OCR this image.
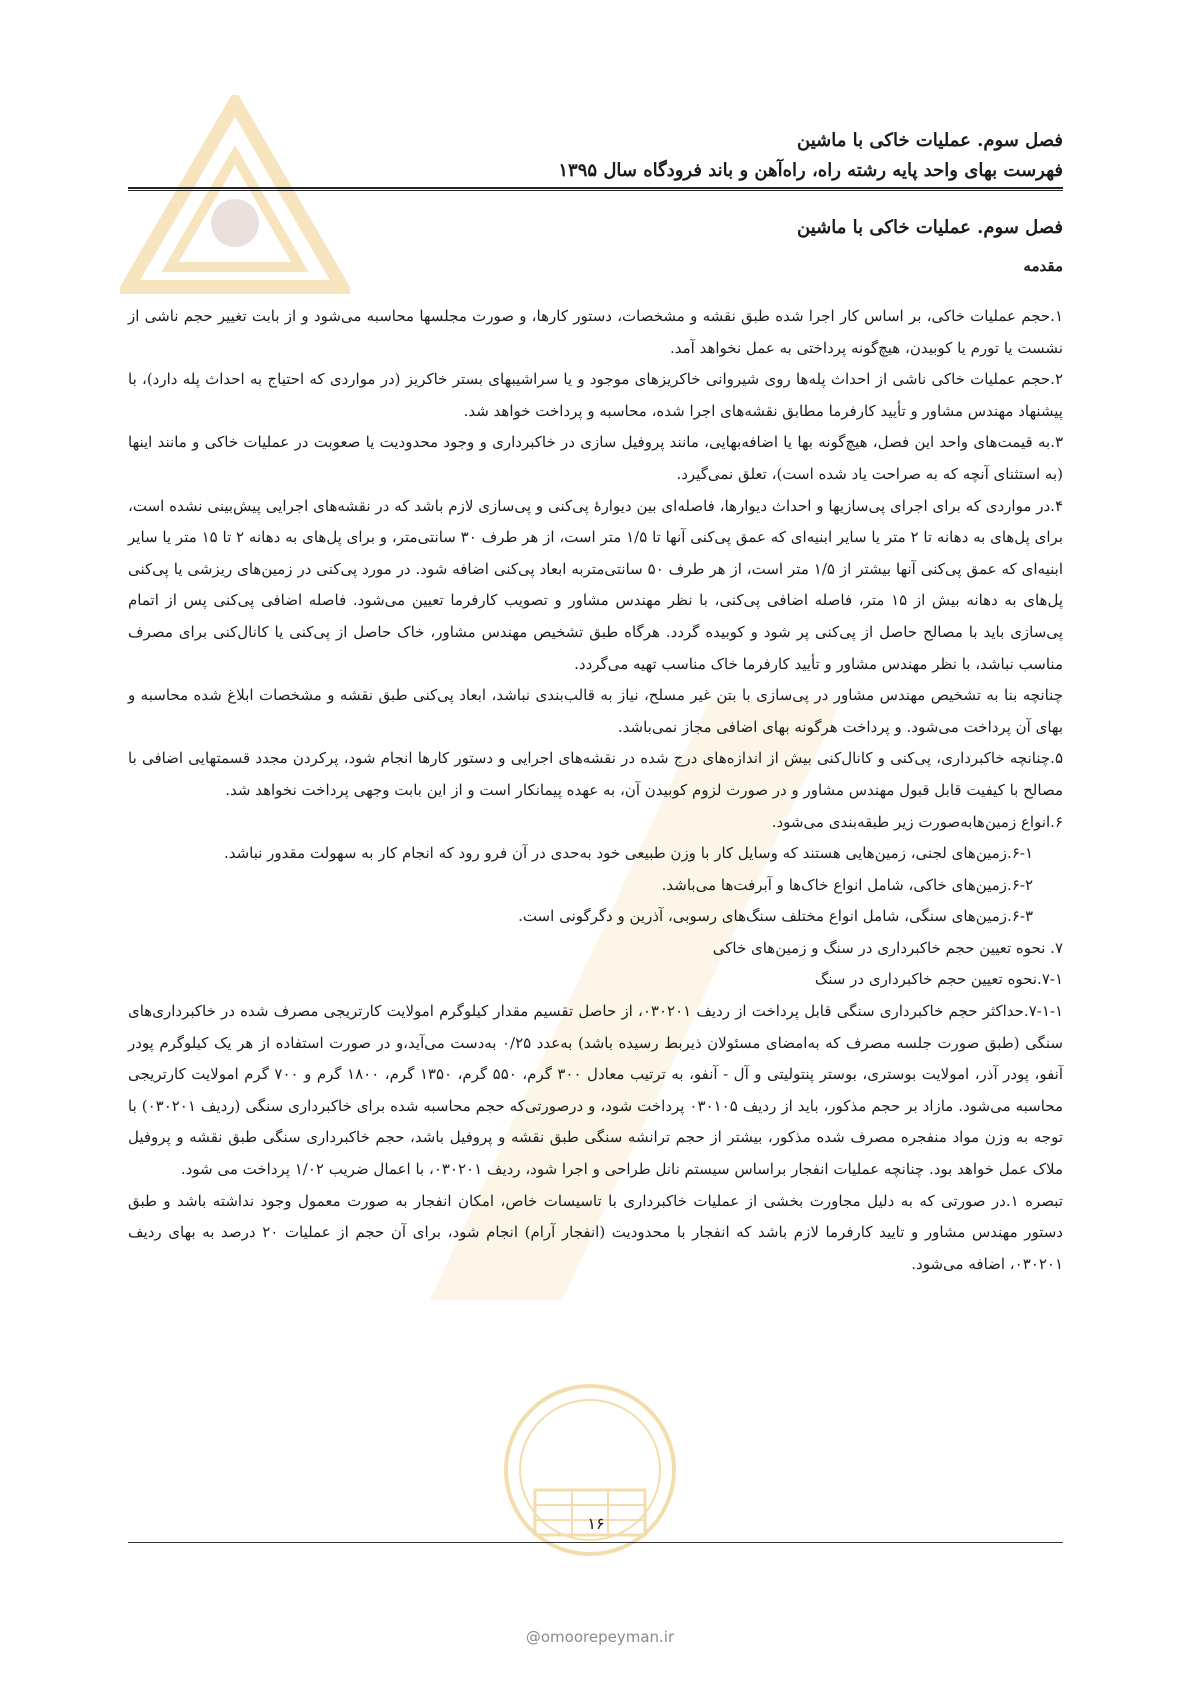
فصل سوم. عملیات خاکی با ماشین
فهرست بهای واحد پایه رشته راه، راه‌آهن و باند فرودگاه سال ۱۳۹۵
فصل سوم. عملیات خاکی با ماشین
مقدمه

۱.حجم عملیات خاکی، بر اساس کار اجرا شده طبق نقشه و مشخصات، دستور کارها، و صورت مجلسها محاسبه می‌شود و از بابت تغییر حجم ناشی از نشست یا تورم یا کوبیدن، هیچ‌گونه پرداختی به عمل نخواهد آمد.

۲.حجم عملیات خاکی ناشی از احداث پله‌ها روی شیروانی خاکریزهای موجود و یا سراشیبهای بستر خاکریز (در مواردی که احتیاج به احداث پله دارد)، با پیشنهاد مهندس مشاور و تأیید کارفرما مطابق نقشه‌های اجرا شده، محاسبه و پرداخت خواهد شد.

۳.به قیمت‌های واحد این فصل، هیچ‌گونه بها یا اضافه‌بهایی، مانند پروفیل سازی در خاکبرداری و وجود محدودیت یا صعوبت در عملیات خاکی و مانند اینها (به استثنای آنچه که به صراحت یاد شده است)، تعلق نمی‌گیرد.

۴.در مواردی که برای اجرای پی‌سازیها و احداث دیوارها، فاصله‌ای بین دیوارهٔ پی‌کنی و پی‌سازی لازم باشد که در نقشه‌های اجرایی پیش‌بینی نشده است، برای پل‌های به دهانه تا ۲ متر یا سایر ابنیه‌ای که عمق پی‌کنی آنها تا ۱/۵ متر است، از هر طرف ۳۰ سانتی‌متر، و برای پل‌های به دهانه ۲ تا ۱۵ متر یا سایر ابنیه‌ای که عمق پی‌کنی آنها بیشتر از ۱/۵ متر است، از هر طرف ۵۰ سانتی‌متربه ابعاد پی‌کنی اضافه شود. در مورد پی‌کنی در زمین‌های ریزشی یا پی‌کنی پل‌های به دهانه بیش از ۱۵ متر، فاصله اضافی پی‌کنی، با نظر مهندس مشاور و تصویب کارفرما تعیین می‌شود. فاصله اضافی پی‌کنی پس از اتمام پی‌سازی باید با مصالح حاصل از پی‌کنی پر شود و کوبیده گردد. هرگاه طبق تشخیص مهندس مشاور، خاک حاصل از پی‌کنی یا کانال‌کنی برای مصرف مناسب نباشد، با نظر مهندس مشاور و تأیید کارفرما خاک مناسب تهیه می‌گردد.

چنانچه بنا به تشخیص مهندس مشاور در پی‌سازی با بتن غیر مسلح، نیاز به قالب‌بندی نباشد، ابعاد پی‌کنی طبق نقشه و مشخصات ابلاغ شده محاسبه و بهای آن پرداخت می‌شود. و پرداخت هرگونه بهای اضافی مجاز نمی‌باشد.

۵.چنانچه خاکبرداری، پی‌کنی و کانال‌کنی بیش از اندازه‌های درج شده در نقشه‌های اجرایی و دستور کارها انجام شود، پرکردن مجدد قسمتهایی اضافی با مصالح با کیفیت قابل قبول مهندس مشاور و در صورت لزوم کوبیدن آن، به عهده پیمانکار است و از این بابت وجهی پرداخت نخواهد شد.

۶.انواع زمین‌هابه‌صورت زیر طبقه‌بندی می‌شود.

۶-۱.زمین‌های لجنی، زمین‌هایی هستند که وسایل کار با وزن طبیعی خود به‌حدی در آن فرو رود که انجام کار به سهولت مقدور نباشد.

۶-۲.زمین‌های خاکی، شامل انواع خاک‌ها و آبرفت‌ها می‌باشد.

۶-۳.زمین‌های سنگی، شامل انواع مختلف سنگ‌های رسوبی، آذرین و دگرگونی است.

۷. نحوه تعیین حجم خاکبرداری در سنگ و زمین‌های خاکی

۷-۱.نحوه تعیین حجم خاکبرداری در سنگ

۷-۱-۱.حداکثر حجم خاکبرداری سنگی قابل پرداخت از ردیف ۰۳۰۲۰۱، از حاصل تقسیم مقدار کیلوگرم امولایت کارتریجی مصرف شده در خاکبرداری‌های سنگی (طبق صورت جلسه مصرف که به‌امضای مسئولان ذیربط رسیده باشد) بەعدد ۰/۲۵ به‌دست می‌آید،و در صورت استفاده از هر یک کیلوگرم پودر آنفو، پودر آذر، امولایت بوستری، بوستر پنتولیتی و آل - آنفو، به ترتیب معادل ۳۰۰ گرم، ۵۵۰ گرم، ۱۳۵۰ گرم، ۱۸۰۰ گرم و ۷۰۰ گرم امولایت کارتریجی محاسبه می‌شود. مازاد بر حجم مذکور، باید از ردیف ۰۳۰۱۰۵ پرداخت شود، و درصورتی‌که حجم محاسبه شده برای خاکبرداری سنگی (ردیف ۰۳۰۲۰۱) با توجه به وزن مواد منفجره مصرف شده مذکور، بیشتر از حجم ترانشه سنگی طبق نقشه و پروفیل باشد، حجم خاکبرداری سنگی طبق نقشه و پروفیل ملاک عمل خواهد بود. چنانچه عملیات انفجار براساس سیستم نانل طراحی و اجرا شود، ردیف ۰۳۰۲۰۱، با اعمال ضریب ۱/۰۲ پرداخت می شود.

تبصره ۱.در صورتی که به دلیل مجاورت بخشی از عملیات خاکبرداری با تاسیسات خاص، امکان انفجار به صورت معمول وجود نداشته باشد و طبق دستور مهندس مشاور و تایید کارفرما لازم باشد که انفجار با محدودیت (انفجار آرام) انجام شود، برای آن حجم از عملیات ۲۰ درصد به بهای ردیف ۰۳۰۲۰۱، اضافه می‌شود.

۱۶
@omoorepeyman.ir
